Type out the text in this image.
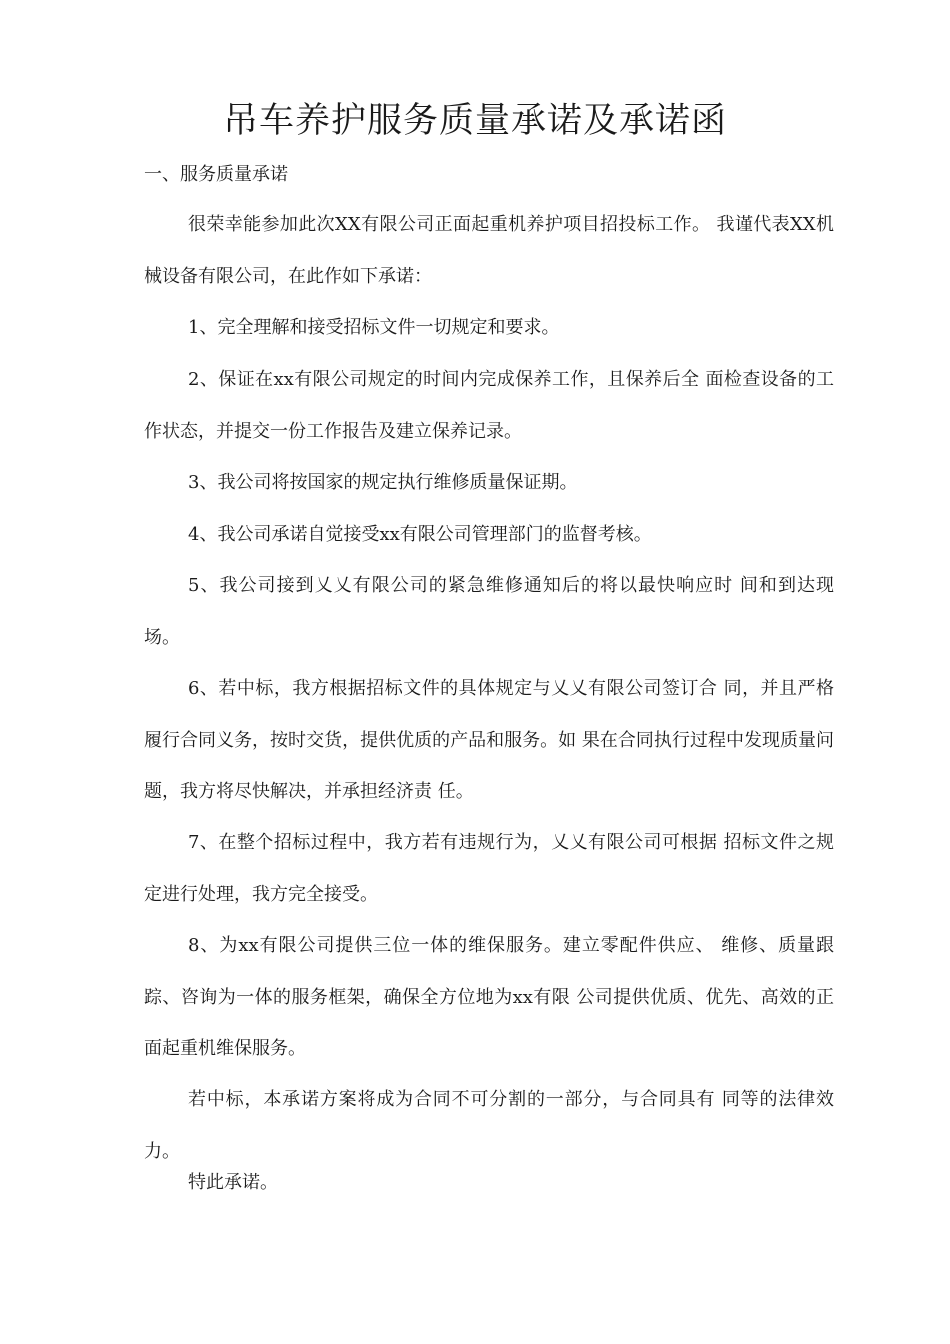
吊车养护服务质量承诺及承诺函
一、服务质量承诺

很荣幸能参加此次XX有限公司正面起重机养护项目招投标工作。 我谨代表XX机械设备有限公司，在此作如下承诺：

1、完全理解和接受招标文件一切规定和要求。

2、保证在xx有限公司规定的时间内完成保养工作，且保养后全 面检查设备的工作状态，并提交一份工作报告及建立保养记录。

3、我公司将按国家的规定执行维修质量保证期。

4、我公司承诺自觉接受xx有限公司管理部门的监督考核。

5、我公司接到乂乂有限公司的紧急维修通知后的将以最快响应时 间和到达现场。

6、若中标，我方根据招标文件的具体规定与乂乂有限公司签订合 同，并且严格履行合同义务，按时交货，提供优质的产品和服务。如 果在合同执行过程中发现质量问题，我方将尽快解决，并承担经济责 任。

7、在整个招标过程中，我方若有违规行为，乂乂有限公司可根据 招标文件之规定进行处理，我方完全接受。

8、为xx有限公司提供三位一体的维保服务。建立零配件供应、 维修、质量跟踪、咨询为一体的服务框架，确保全方位地为xx有限 公司提供优质、优先、高效的正面起重机维保服务。

若中标，本承诺方案将成为合同不可分割的一部分，与合同具有 同等的法律效力。

特此承诺。
